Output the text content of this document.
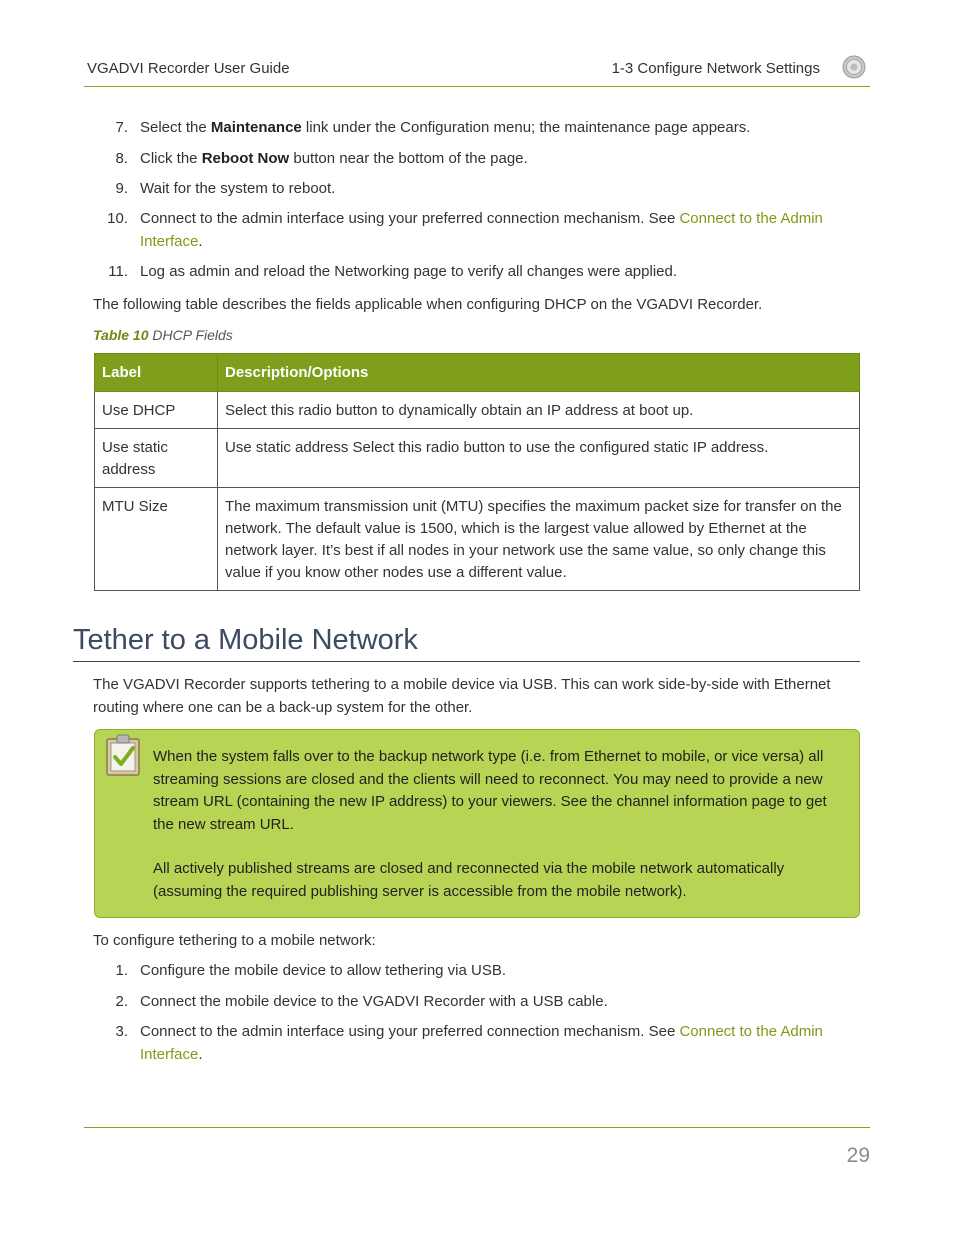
VGADVI Recorder User Guide	1-3 Configure Network Settings
7. Select the Maintenance link under the Configuration menu; the maintenance page appears.
8. Click the Reboot Now button near the bottom of the page.
9. Wait for the system to reboot.
10. Connect to the admin interface using your preferred connection mechanism. See Connect to the Admin
Interface.
11. Log as admin and reload the Networking page to verify all changes were applied.
The following table describes the fields applicable when configuring DHCP on the VGADVI Recorder.
Table 10 DHCP Fields
Label	Description/Options
Use DHCP	Select this radio button to dynamically obtain an IP address at boot up.
Use static address	Use static address Select this radio button to use the configured static IP address.
MTU Size	The maximum transmission unit (MTU) specifies the maximum packet size for transfer on the network. The default value is 1500, which is the largest value allowed by Ethernet at the network layer. It’s best if all nodes in your network use the same value, so only change this value if you know other nodes use a different value.
Tether to a Mobile Network
The VGADVI Recorder supports tethering to a mobile device via USB. This can work side-by-side with Ethernet routing where one can be a back-up system for the other.

When the system falls over to the backup network type (i.e. from Ethernet to mobile, or vice versa) all streaming sessions are closed and the clients will need to reconnect. You may need to provide a new stream URL (containing the new IP address) to your viewers. See the channel information page to get the new stream URL.

All actively published streams are closed and reconnected via the mobile network automatically (assuming the required publishing server is accessible from the mobile network).

To configure tethering to a mobile network:
1. Configure the mobile device to allow tethering via USB.
2. Connect the mobile device to the VGADVI Recorder with a USB cable.
3. Connect to the admin interface using your preferred connection mechanism. See Connect to the Admin
Interface.
29
